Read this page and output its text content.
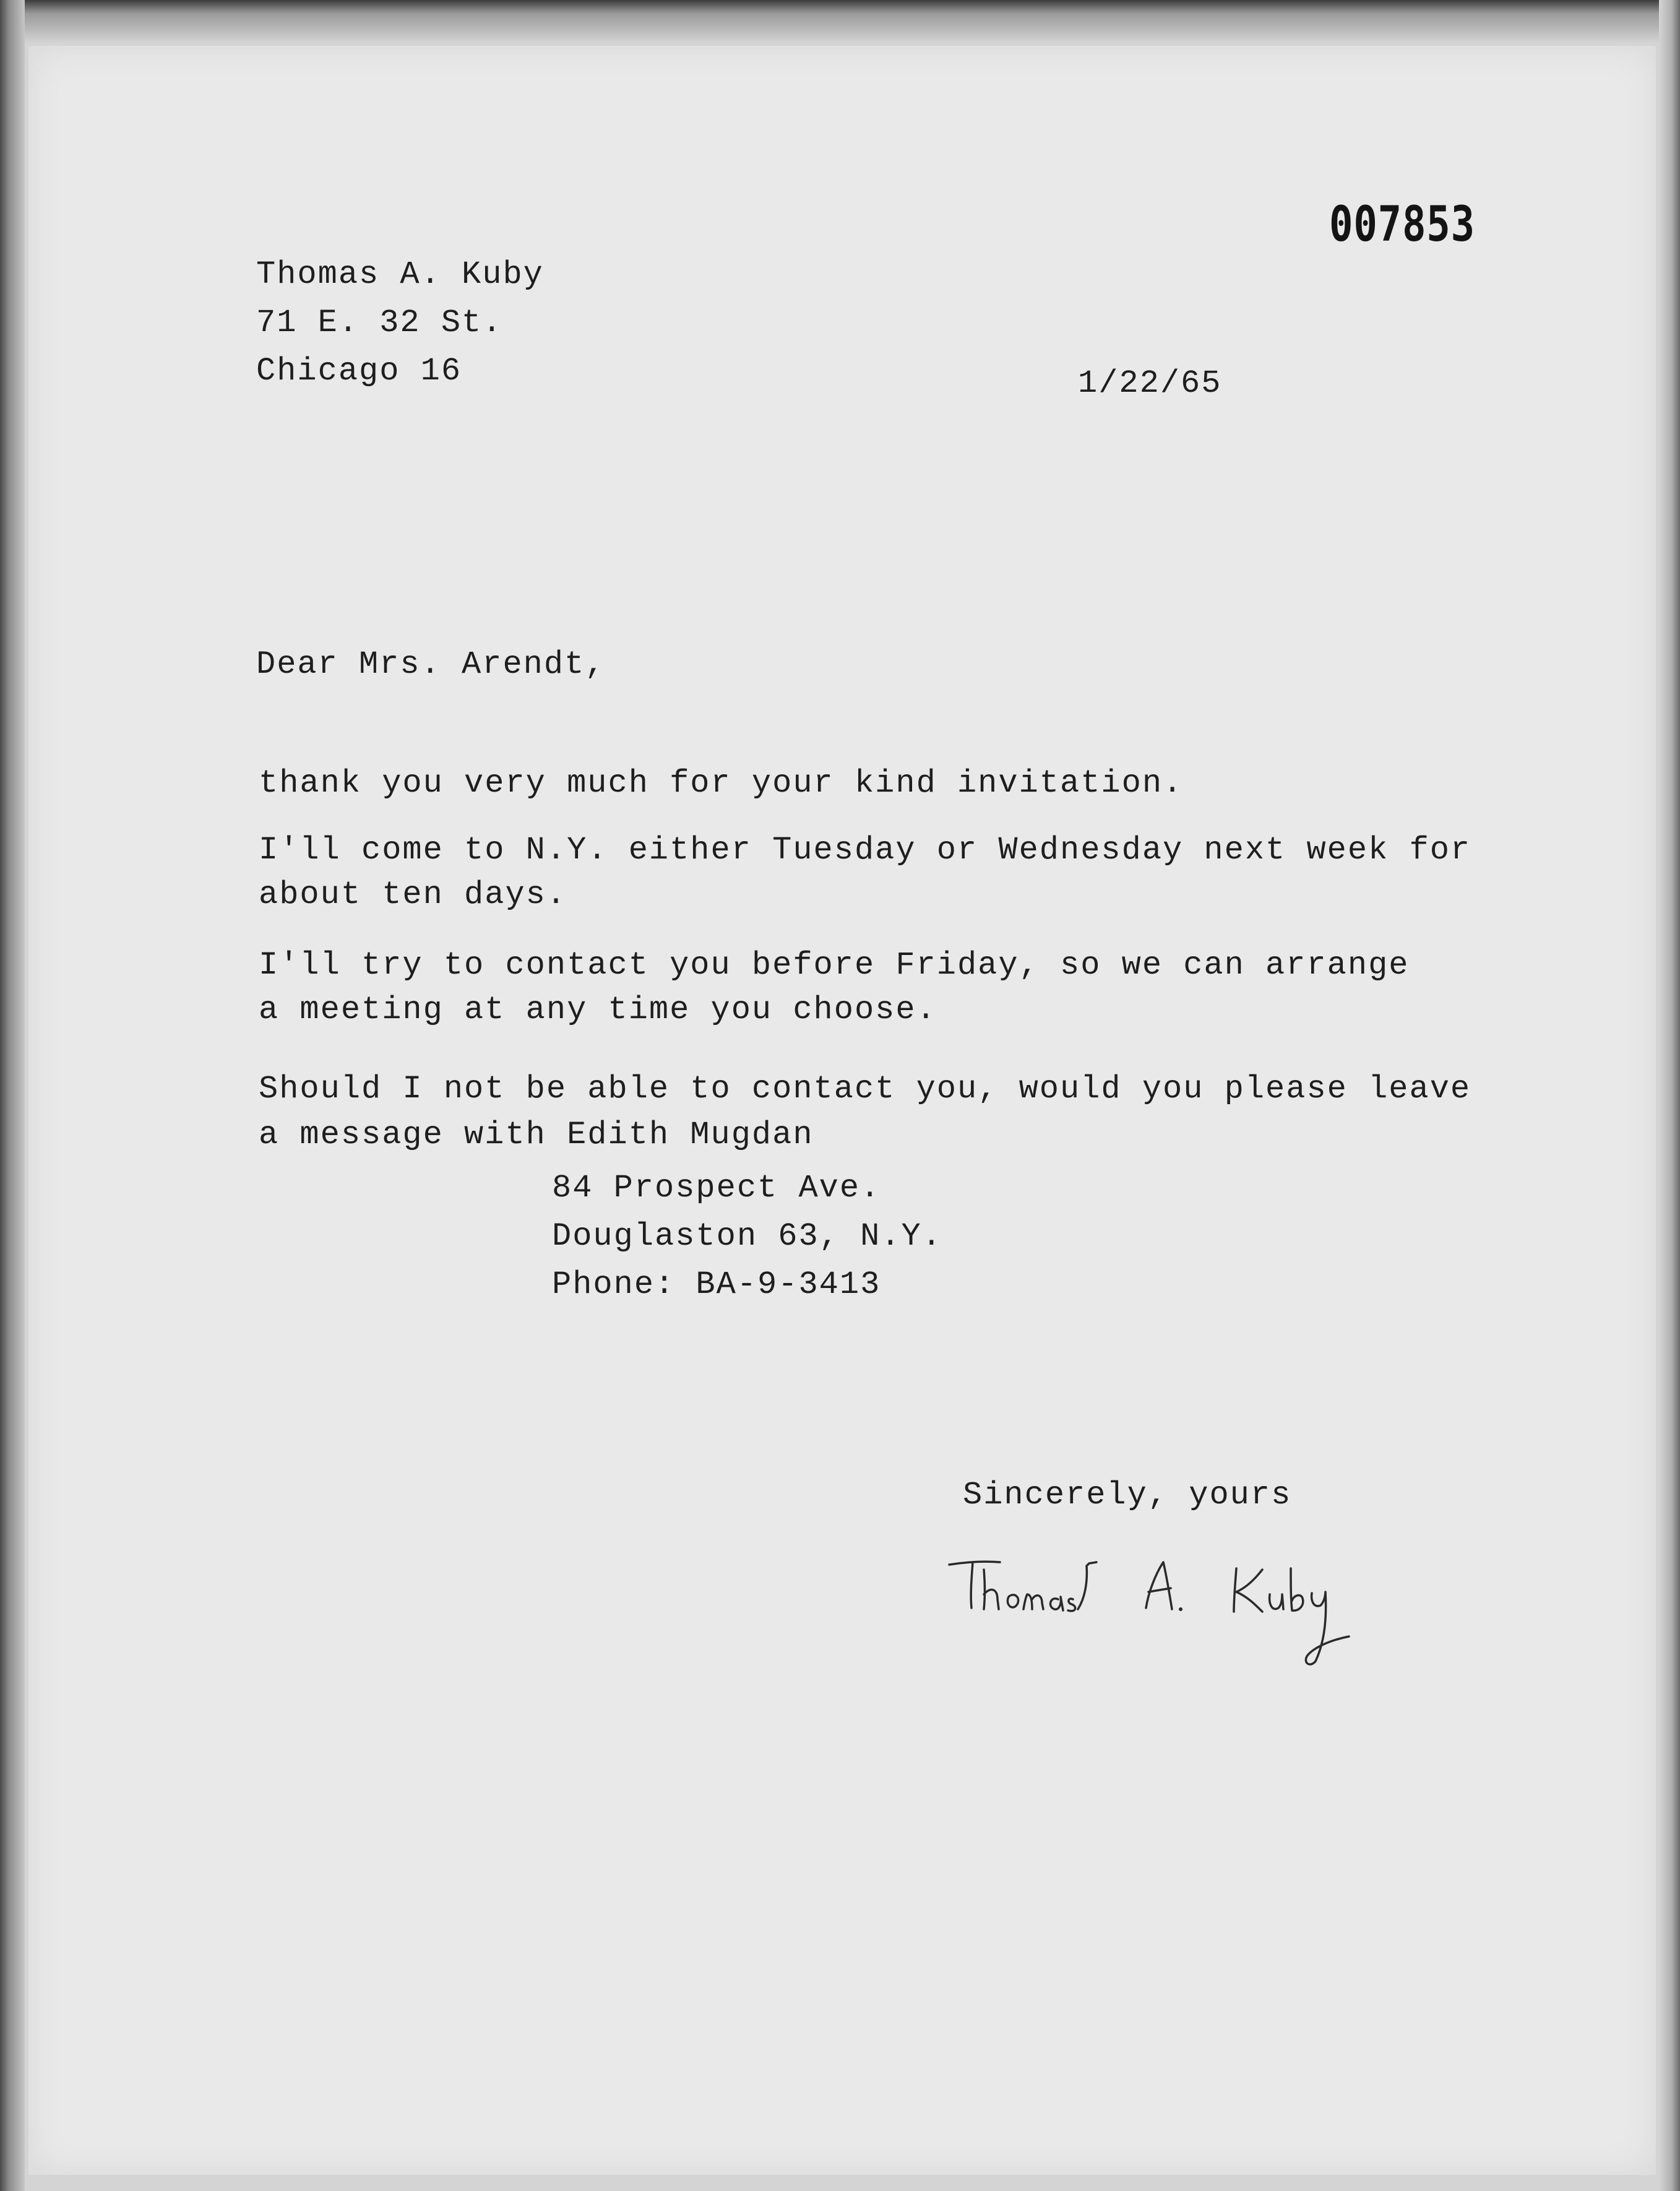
007853

Thomas A. Kuby

71 E. 32 St.

Chicago 16	1/22/65

Dear Mrs. Arendt,

thank you very much for your kind invitation.

I'll come to N.Y. either Tuesday or Wednesday next week for

about ten days.

I'll try to contact you before Friday, so we can arrange

a meeting at any time you choose.

Should I not be able to contact you, would you please leave

a message with Edith Mugdan

84 Prospect Ave.

Douglaston 63, N.Y.

Phone: BA-9-3413

Sincerely, yours
